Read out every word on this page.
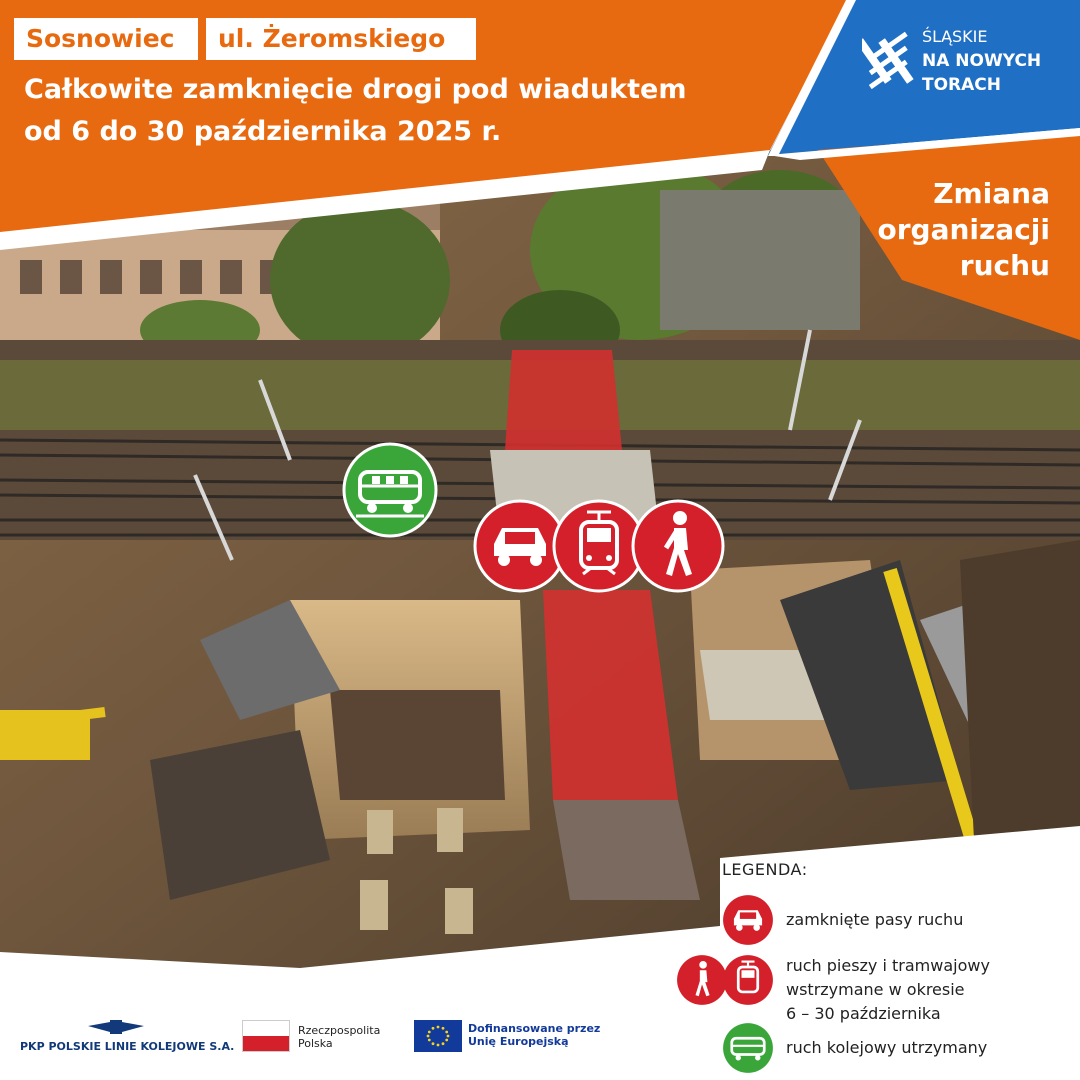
ŚLĄSKIE
NA NOWYCH
TORACH
Sosnowiec	ul. Żeromskiego
Całkowite zamknięcie drogi pod wiaduktem
od 6 do 30 października 2025 r.
Zmiana
organizacji
ruchu
LEGENDA:
zamknięte pasy ruchu
ruch pieszy i tramwajowy
wstrzymane w okresie
6 – 30 października
ruch kolejowy utrzymany
PKP POLSKIE LINIE KOLEJOWE S.A.
Rzeczpospolita
Polska
Dofinansowane przez
Unię Europejską
